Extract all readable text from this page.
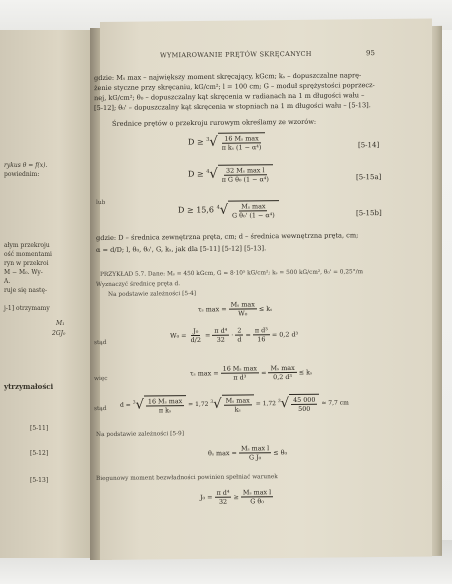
rykus θ = f(x).
powiednim:
ałym przekroju
ość momentami
ryn w przekroi
M − M₀. Wy-
A.
ruje się nastę-
j-1] otrzymamy
M₁
2GJ₀
ytrzymałości
[5-11]
[5-12]
[5-13]
WYMIAROWANIE PRĘTÓW SKRĘCANYCH	95
gdzie: Mₛ max – największy moment skręcający, kGcm; kₛ – dopuszczalne naprę-
żenie styczne przy skręcaniu, kG/cm²; l = 100 cm; G – moduł sprężystości poprzecz-
nej, kG/cm²; θ₀ – dopuszczalny kąt skręcenia w radianach na 1 m długości wału –
[5-12]; θ₀' – dopuszczalny kąt skręcenia w stopniach na 1 m długości wału – [5-13].
Średnice prętów o przekroju rurowym określamy ze wzorów:
D ≥ $^3$ √ $\frac{\text{16 Mₛ max}}{\text{π kₛ (1 − α⁴)}}$	[5-14]
D ≥ $^4$ √ $\frac{\text{32 Mₛ max l}}{\text{π G θ₀ (1 − α⁴)}}$	[5-15a]
lub
D ≥ 15,6 $^4$ √ $\frac{\text{Mₛ max}}{\text{G θ₀' (1 − α⁴)}}$	[5-15b]
gdzie: D – średnica zewnętrzna pręta, cm; d – średnica wewnętrzna pręta, cm;
α = d/D; l, θ₀, θ₀', G, kₛ, jak dla [5-11] [5-12] [5-13].
PRZYKŁAD 5.7. Dane: Mₛ = 450 kGcm, G = 8·10⁵ kG/cm²; kₛ = 500 kG/cm², θ₀' = 0,25°/m
Wyznaczyć średnicę pręta d.
Na podstawie zależności [5-4]
τₛ $\max = \frac{\text{Mₛ max}}{\text{W₀}} \le k_s$
stąd
$W_0 = \frac{\text{J₀}}{d/2} = \frac{\text{π d⁴}}{32} \cdot \frac{2}{d} = \frac{\text{π d³}}{16} = 0,2$ d³
więc
τₛ $\max = \frac{\text{16 Mₛ max}}{\text{π d³}} = \frac{\text{Mₛ max}}{\text{0,2 d³}} \le k_s$
stąd
d = $^3$ √ $\frac{\text{16 Mₛ max}}{\text{π kₛ}} = 1,72$ $^3$ √ $\frac{\text{Mₛ max}}{\text{kₛ}} = 1,72$ $^3$ √ $\frac{45 000}{500} \approx 7,7$ cm
Na podstawie zależności [5-9]
θₛ $\max = \frac{\text{Mₛ max l}}{\text{G J₀}} \le \theta_0$
Biegunowy moment bezwładności powinien spełniać warunek
$J_0 = \frac{\text{π d⁴}}{32} \ge \frac{\text{Mₛ max l}}{\text{G θ₀}}$
